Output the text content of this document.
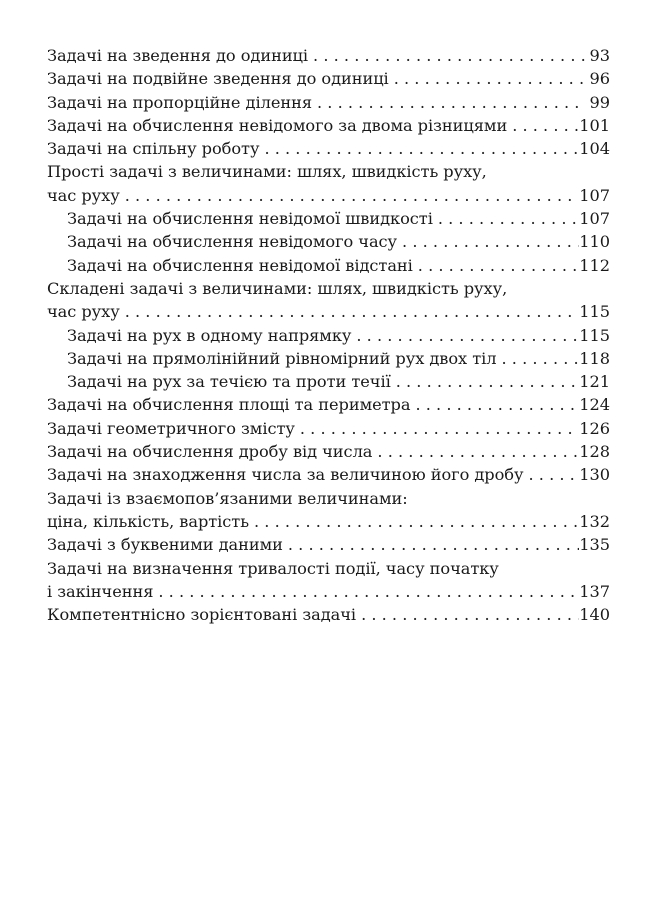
Задачі на зведення до одиниці . . .	93
Задачі на подвійне зведення до одиниці . . .	96
Задачі на пропорційне ділення . . .	99
Задачі на обчислення невідомого за двома різницями . . .	101
Задачі на спільну роботу . . .	104
Прості задачі з величинами: шлях, швидкість руху,
час руху . . .	107
Задачі на обчислення невідомої швидкості . . .	107
Задачі на обчислення невідомого часу . . .	110
Задачі на обчислення невідомої відстані . . .	112
Складені задачі з величинами: шлях, швидкість руху,
час руху . . .	115
Задачі на рух в одному напрямку . . .	115
Задачі на прямолінійний рівномірний рух двох тіл . . .	118
Задачі на рух за течією та проти течії . . .	121
Задачі на обчислення площі та периметра . . .	124
Задачі геометричного змісту . . .	126
Задачі на обчислення дробу від числа . . .	128
Задачі на знаходження числа за величиною його дробу . . .	130
Задачі із взаємопов’язаними величинами:
ціна, кількість, вартість . . .	132
Задачі з буквеними даними . . .	135
Задачі на визначення тривалості події, часу початку
і закінчення . . .	137
Компетентнісно зорієнтовані задачі . . .	140
